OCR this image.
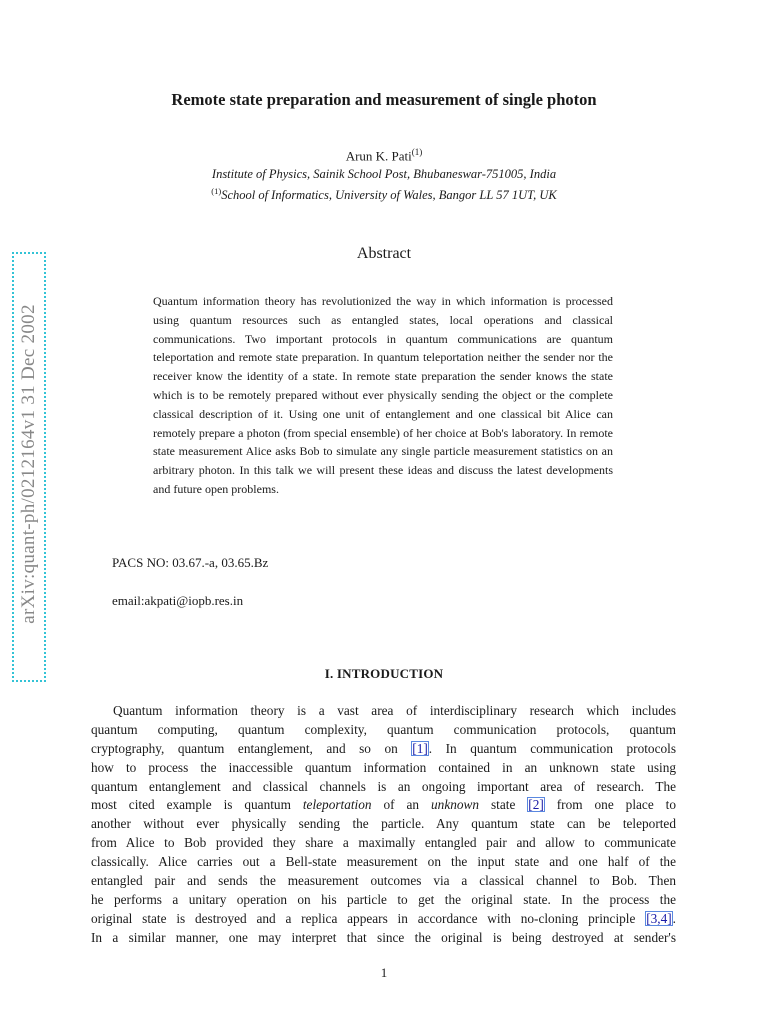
arXiv:quant-ph/0212164v1 31 Dec 2002
Remote state preparation and measurement of single photon
Arun K. Pati$^{(1)}$
Institute of Physics, Sainik School Post, Bhubaneswar-751005, India
$^{(1)}$School of Informatics, University of Wales, Bangor LL 57 1UT, UK
Abstract
Quantum information theory has revolutionized the way in which information is processed using quantum resources such as entangled states, local operations and classical communications. Two important protocols in quantum communications are quantum teleportation and remote state preparation. In quantum teleportation neither the sender nor the receiver know the identity of a state. In remote state preparation the sender knows the state which is to be remotely prepared without ever physically sending the object or the complete classical description of it. Using one unit of entanglement and one classical bit Alice can remotely prepare a photon (from special ensemble) of her choice at Bob's laboratory. In remote state measurement Alice asks Bob to simulate any single particle measurement statistics on an arbitrary photon. In this talk we will present these ideas and discuss the latest developments and future open problems.
PACS NO: 03.67.-a, 03.65.Bz
email:akpati@iopb.res.in
I. INTRODUCTION
Quantum information theory is a vast area of interdisciplinary research which includes
quantum computing, quantum complexity, quantum communication protocols, quantum
cryptography, quantum entanglement, and so on [1]. In quantum communication protocols
how to process the inaccessible quantum information contained in an unknown state using
quantum entanglement and classical channels is an ongoing important area of research. The
most cited example is quantum teleportation of an unknown state [2] from one place to
another without ever physically sending the particle. Any quantum state can be teleported
from Alice to Bob provided they share a maximally entangled pair and allow to communicate
classically. Alice carries out a Bell-state measurement on the input state and one half of the
entangled pair and sends the measurement outcomes via a classical channel to Bob. Then
he performs a unitary operation on his particle to get the original state. In the process the
original state is destroyed and a replica appears in accordance with no-cloning principle [3,4].
In a similar manner, one may interpret that since the original is being destroyed at sender's
1
